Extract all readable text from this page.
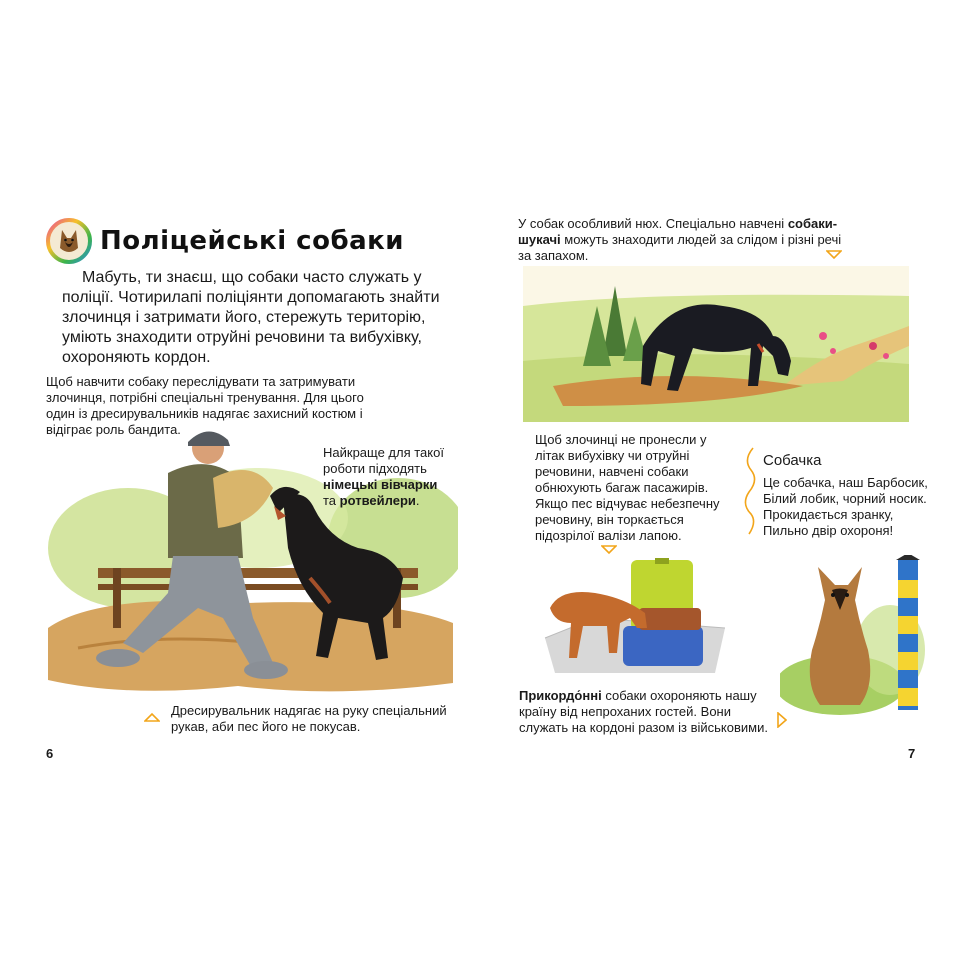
Поліцейські собаки
Мабуть, ти знаєш, що собаки часто служать у поліції. Чотирилапі поліціянти допомагають знайти злочинця і затримати його, стережуть територію, уміють знаходити отруйні речовини та вибухівку, охороняють кордон.
Щоб навчити собаку переслідувати та затримувати злочинця, потрібні спеціальні тренування. Для цього один із дресирувальників надягає захисний костюм і відіграє роль бандита.
Найкраще для такої роботи підходять німецькі вівчарки та ротвейлери.
Дресирувальник надягає на руку спеціальний рукав, аби пес його не покусав.
6
У собак особливий нюх. Спеціально навчені собаки-шукачі можуть знаходити людей за слідом і різні речі за запахом.
Щоб злочинці не пронесли у літак вибухівку чи отруйні речовини, навчені собаки обнюхують багаж пасажирів. Якщо пес відчуває небезпечну речовину, він торкається підозрілої валізи лапою.
Собачка
Це собачка, наш Барбосик,
Білий лобик, чорний носик.
Прокидається зранку,
Пильно двір охороня!
Прикордо́нні собаки охороняють нашу країну від непроханих гостей. Вони служать на кордоні разом із військовими.
7
